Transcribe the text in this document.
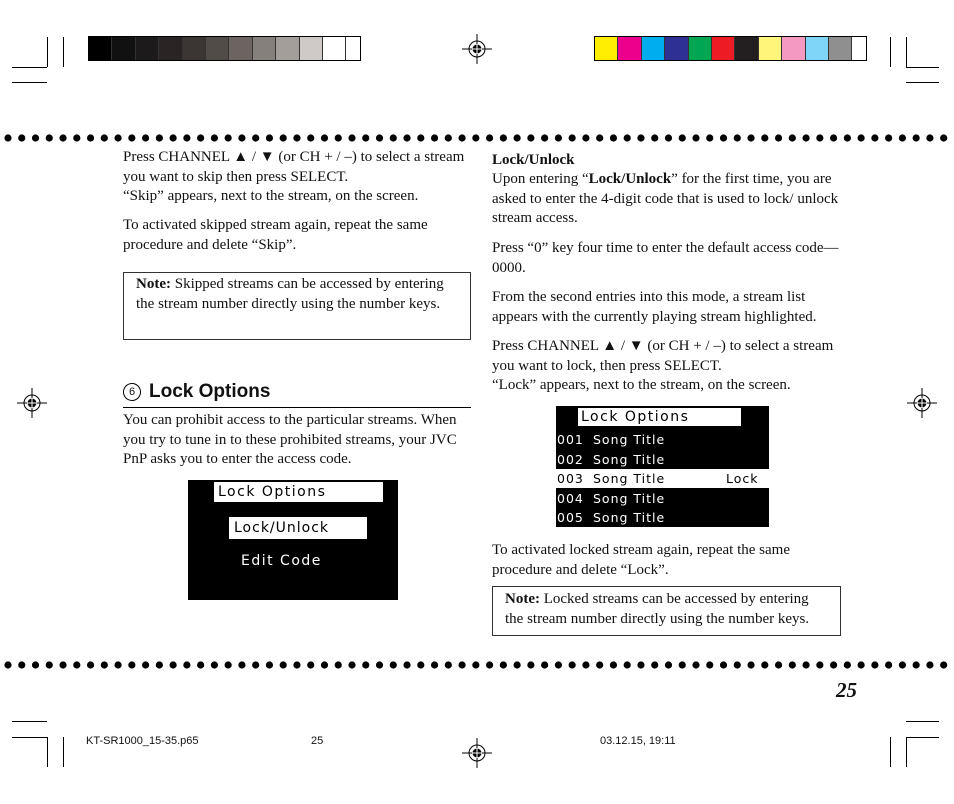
Press CHANNEL ▲ / ▼ (or CH + / –) to select a stream you want to skip then press SELECT.

“Skip” appears, next to the stream, on the screen.

To activated skipped stream again, repeat the same procedure and delete “Skip”.

Note: Skipped streams can be accessed by entering the stream number directly using the number keys.
6 Lock Options

You can prohibit access to the particular streams. When you try to tune in to these prohibited streams, your JVC PnP asks you to enter the access code.

Lock Options
Lock/Unlock
Edit Code
Lock/Unlock

Upon entering “Lock/Unlock” for the first time, you are asked to enter the 4-digit code that is used to lock/ unlock stream access.

Press “0” key four time to enter the default access code—0000.

From the second entries into this mode, a stream list appears with the currently playing stream highlighted.

Press CHANNEL ▲ / ▼ (or CH + / –) to select a stream you want to lock, then press SELECT.

“Lock” appears, next to the stream, on the screen.

Lock Options
001 Song Title
002 Song Title
003 Song Title	Lock
004 Song Title
005 Song Title

To activated locked stream again, repeat the same procedure and delete “Lock”.

Note: Locked streams can be accessed by entering the stream number directly using the number keys.
25
KT-SR1000_15-35.p65	25	03.12.15, 19:11
